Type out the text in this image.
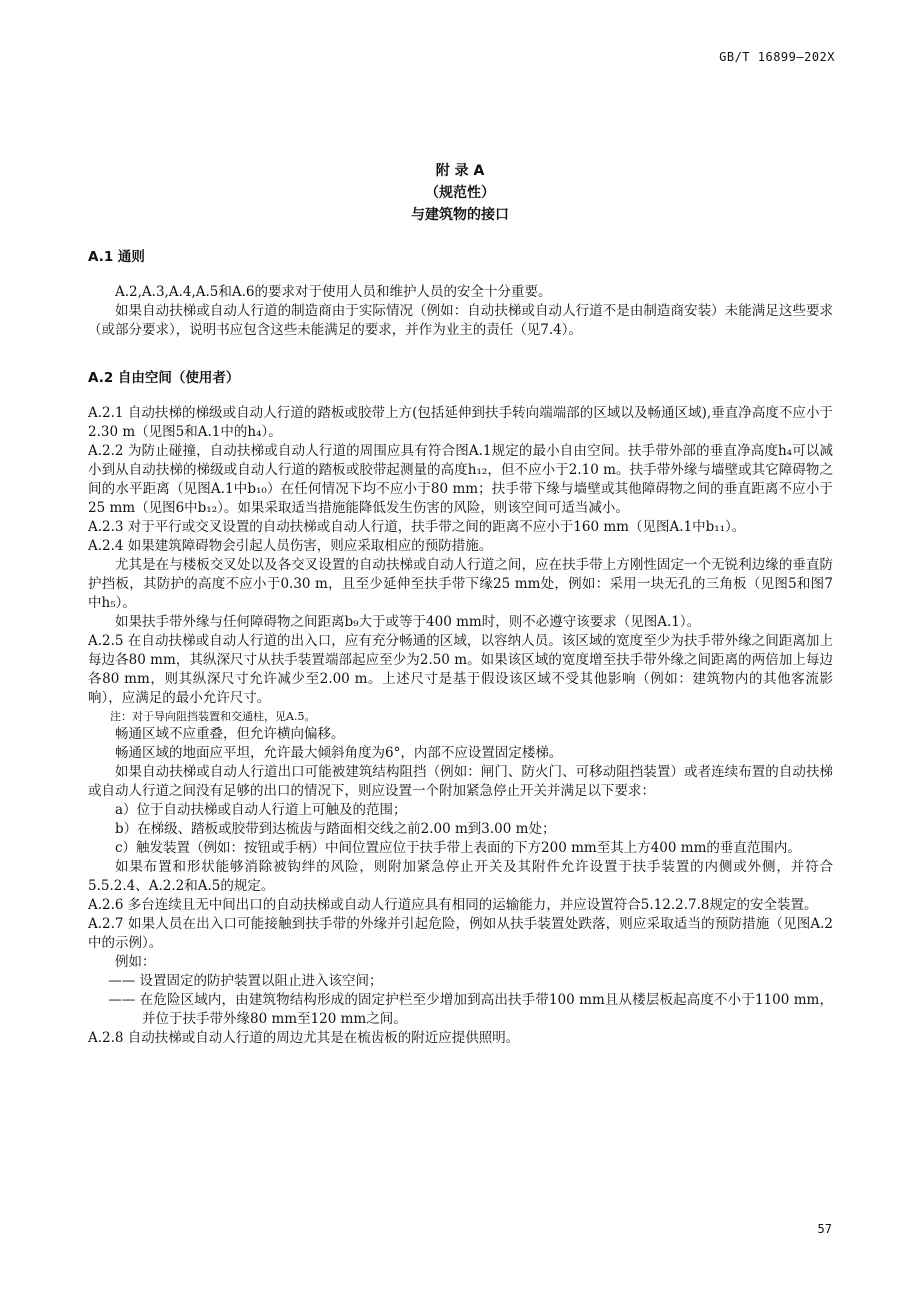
GB/T 16899—202X
附 录 A
（规范性）
与建筑物的接口
A.1 通则

A.2,A.3,A.4,A.5和A.6的要求对于使用人员和维护人员的安全十分重要。

如果自动扶梯或自动人行道的制造商由于实际情况（例如：自动扶梯或自动人行道不是由制造商安装）未能满足这些要求（或部分要求），说明书应包含这些未能满足的要求，并作为业主的责任（见7.4）。

A.2 自由空间（使用者）

A.2.1 自动扶梯的梯级或自动人行道的踏板或胶带上方(包括延伸到扶手转向端端部的区域以及畅通区域),垂直净高度不应小于2.30 m（见图5和A.1中的h₄）。

A.2.2 为防止碰撞，自动扶梯或自动人行道的周围应具有符合图A.1规定的最小自由空间。扶手带外部的垂直净高度h₄可以减小到从自动扶梯的梯级或自动人行道的踏板或胶带起测量的高度h₁₂，但不应小于2.10 m。扶手带外缘与墙壁或其它障碍物之间的水平距离（见图A.1中b₁₀）在任何情况下均不应小于80 mm；扶手带下缘与墙壁或其他障碍物之间的垂直距离不应小于25 mm（见图6中b₁₂）。如果采取适当措施能降低发生伤害的风险，则该空间可适当减小。

A.2.3 对于平行或交叉设置的自动扶梯或自动人行道，扶手带之间的距离不应小于160 mm（见图A.1中b₁₁）。

A.2.4 如果建筑障碍物会引起人员伤害，则应采取相应的预防措施。

尤其是在与楼板交叉处以及各交叉设置的自动扶梯或自动人行道之间，应在扶手带上方刚性固定一个无锐利边缘的垂直防护挡板，其防护的高度不应小于0.30 m，且至少延伸至扶手带下缘25 mm处，例如：采用一块无孔的三角板（见图5和图7中h₅）。

如果扶手带外缘与任何障碍物之间距离b₉大于或等于400 mm时，则不必遵守该要求（见图A.1）。

A.2.5 在自动扶梯或自动人行道的出入口，应有充分畅通的区域，以容纳人员。该区域的宽度至少为扶手带外缘之间距离加上每边各80 mm，其纵深尺寸从扶手装置端部起应至少为2.50 m。如果该区域的宽度增至扶手带外缘之间距离的两倍加上每边各80 mm，则其纵深尺寸允许减少至2.00 m。上述尺寸是基于假设该区域不受其他影响（例如：建筑物内的其他客流影响），应满足的最小允许尺寸。

注：对于导向阻挡装置和交通柱，见A.5。

畅通区域不应重叠，但允许横向偏移。

畅通区域的地面应平坦，允许最大倾斜角度为6°，内部不应设置固定楼梯。

如果自动扶梯或自动人行道出口可能被建筑结构阻挡（例如：闸门、防火门、可移动阻挡装置）或者连续布置的自动扶梯或自动人行道之间没有足够的出口的情况下，则应设置一个附加紧急停止开关并满足以下要求：

a）位于自动扶梯或自动人行道上可触及的范围；

b）在梯级、踏板或胶带到达梳齿与踏面相交线之前2.00 m到3.00 m处；

c）触发装置（例如：按钮或手柄）中间位置应位于扶手带上表面的下方200 mm至其上方400 mm的垂直范围内。

如果布置和形状能够消除被钩绊的风险，则附加紧急停止开关及其附件允许设置于扶手装置的内侧或外侧，并符合5.5.2.4、A.2.2和A.5的规定。

A.2.6 多台连续且无中间出口的自动扶梯或自动人行道应具有相同的运输能力，并应设置符合5.12.2.7.8规定的安全装置。

A.2.7 如果人员在出入口可能接触到扶手带的外缘并引起危险，例如从扶手装置处跌落，则应采取适当的预防措施（见图A.2中的示例）。

例如：

—— 设置固定的防护装置以阻止进入该空间；

—— 在危险区域内，由建筑物结构形成的固定护栏至少增加到高出扶手带100 mm且从楼层板起高度不小于1100 mm，并位于扶手带外缘80 mm至120 mm之间。

A.2.8 自动扶梯或自动人行道的周边尤其是在梳齿板的附近应提供照明。

57
